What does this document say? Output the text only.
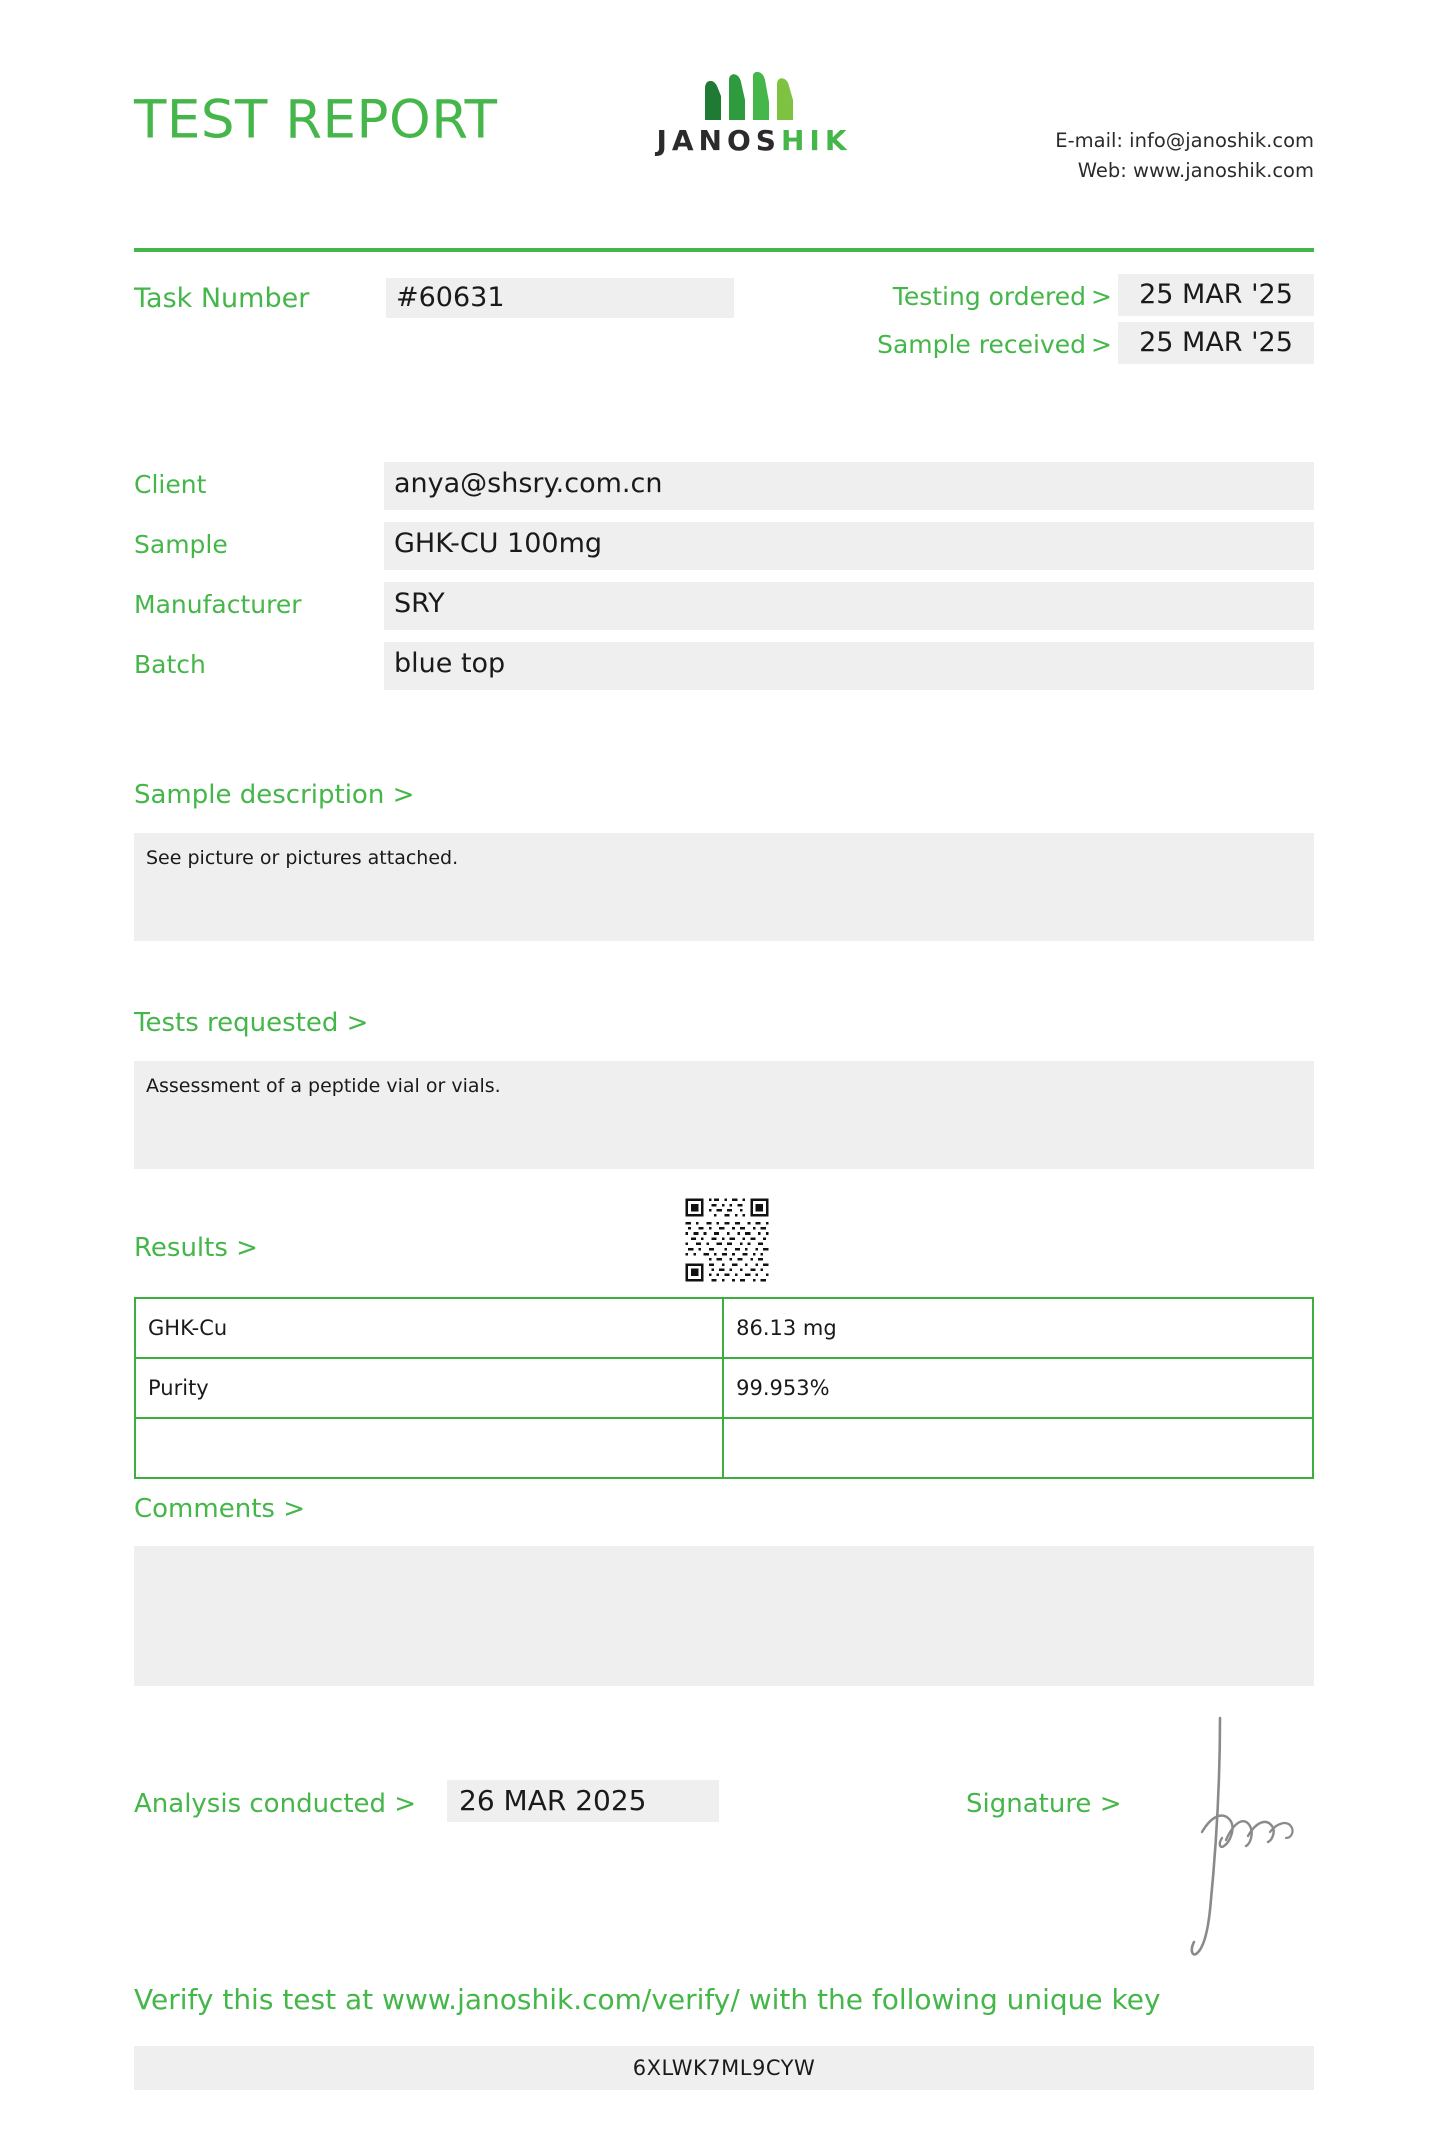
TEST REPORT	JANOSHIK	E-mail: info@janoshik.com
Web: www.janoshik.com
Task Number	#60631	Testing ordered >	25 MAR '25
Sample received >	25 MAR '25
Client	anya@shsry.com.cn
Sample	GHK-CU 100mg
Manufacturer	SRY
Batch	blue top
Sample description >
See picture or pictures attached.
Tests requested >
Assessment of a peptide vial or vials.
Results >
GHK-Cu	86.13 mg
Purity	99.953%

Comments >
Analysis conducted >	26 MAR 2025	Signature >
Verify this test at www.janoshik.com/verify/ with the following unique key
6XLWK7ML9CYW
